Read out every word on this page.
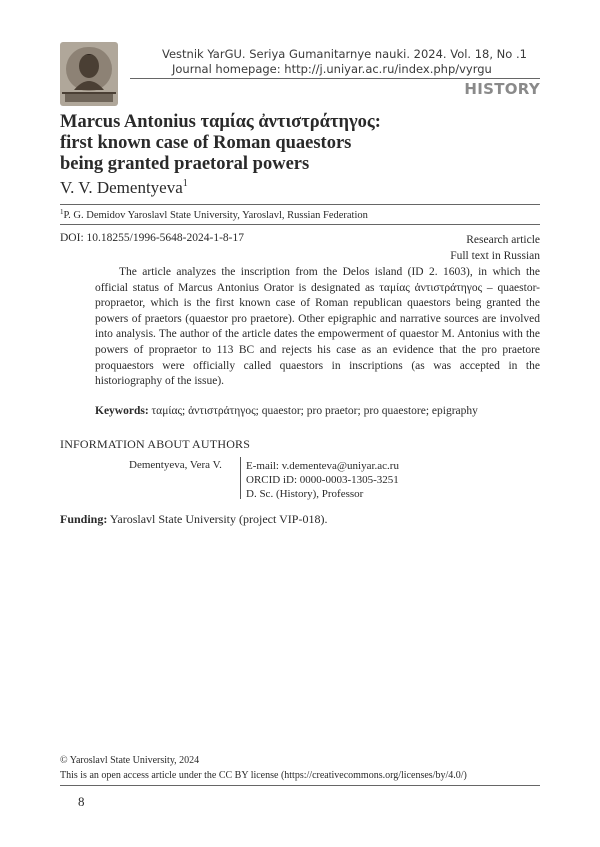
Vestnik YarGU. Seriya Gumanitarnye nauki. 2024. Vol. 18, No .1
Journal homepage: http://j.uniyar.ac.ru/index.php/vyrgu
HISTORY
Marcus Antonius ταμίας ἀντιστράτηγος:
first known case of Roman quaestors
being granted praetoral powers
V. V. Dementyeva$^1$
$^1$P. G. Demidov Yaroslavl State University, Yaroslavl, Russian Federation
DOI: 10.18255/1996-5648-2024-1-8-17	Research article
Full text in Russian

The article analyzes the inscription from the Delos island (ID 2. 1603), in which the official status of Marcus Antonius Orator is designated as ταμίας ἀντιστράτηγος – quaestor-propraetor, which is the first known case of Roman republican quaestors being granted the powers of praetors (quaestor pro praetore). Other epigraphic and narrative sources are involved into analysis. The author of the article dates the empowerment of quaestor M. Antonius with the powers of propraetor to 113 BC and rejects his case as an evidence that the pro praetore proquaestors were officially called quaestors in inscriptions (as was accepted in the historiography of the issue).

Keywords: ταμίας; ἀντιστράτηγος; quaestor; pro praetor; pro quaestore; epigraphy
INFORMATION ABOUT AUTHORS
Dementyeva, Vera V. E-mail: v.dementeva@uniyar.ac.ru
ORCID iD: 0000-0003-1305-3251
D. Sc. (History), Professor
Funding: Yaroslavl State University (project VIP-018).
© Yaroslavl State University, 2024
This is an open access article under the CC BY license (https://creativecommons.org/licenses/by/4.0/)
8
